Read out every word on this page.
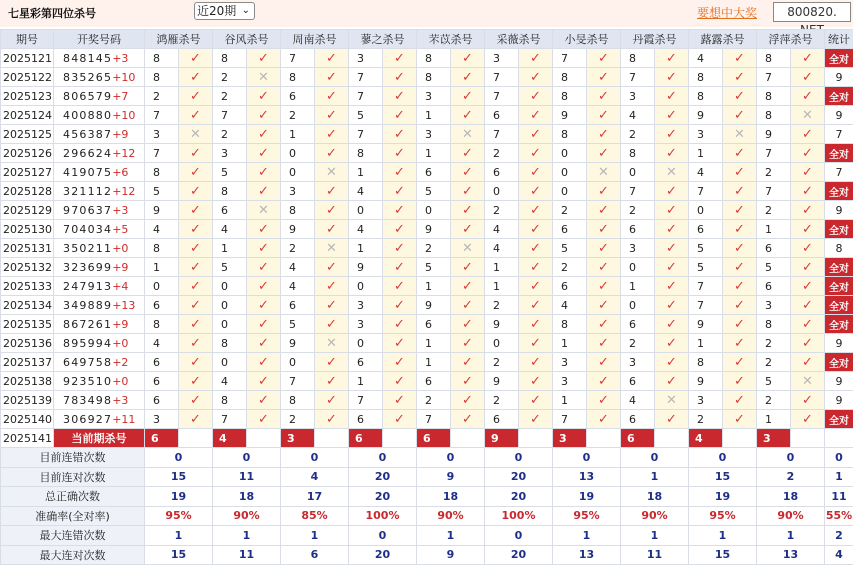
七星彩第四位杀号	近20期 ⌄	要想中大奖	800820.
期号	开奖号码	鸿雁杀号		谷风杀号		周南杀号		蓼之杀号		芣苡杀号		采薇杀号		小旻杀号		丹霞杀号		蕗露杀号		浮萍杀号		统计
2025121	848145+3	8	✓	8	✓	7	✓	3	✓	8	✓	3	✓	7	✓	8	✓	4	✓	8	✓	全对
2025122	835265+10	8	✓	2	✕	8	✓	7	✓	8	✓	7	✓	8	✓	7	✓	8	✓	7	✓	9
2025123	806579+7	2	✓	2	✓	6	✓	7	✓	3	✓	7	✓	8	✓	3	✓	8	✓	8	✓	全对
2025124	400880+10	7	✓	7	✓	2	✓	5	✓	1	✓	6	✓	9	✓	4	✓	9	✓	8	✕	9
2025125	456387+9	3	✕	2	✓	1	✓	7	✓	3	✕	7	✓	8	✓	2	✓	3	✕	9	✓	7
2025126	296624+12	7	✓	3	✓	0	✓	8	✓	1	✓	2	✓	0	✓	8	✓	1	✓	7	✓	全对
2025127	419075+6	8	✓	5	✓	0	✕	1	✓	6	✓	6	✓	0	✕	0	✕	4	✓	2	✓	7
2025128	321112+12	5	✓	8	✓	3	✓	4	✓	5	✓	0	✓	0	✓	7	✓	7	✓	7	✓	全对
2025129	970637+3	9	✓	6	✕	8	✓	0	✓	0	✓	2	✓	2	✓	2	✓	0	✓	2	✓	9
2025130	704034+5	4	✓	4	✓	9	✓	4	✓	9	✓	4	✓	6	✓	6	✓	6	✓	1	✓	全对
2025131	350211+0	8	✓	1	✓	2	✕	1	✓	2	✕	4	✓	5	✓	3	✓	5	✓	6	✓	8
2025132	323699+9	1	✓	5	✓	4	✓	9	✓	5	✓	1	✓	2	✓	0	✓	5	✓	5	✓	全对
2025133	247913+4	0	✓	0	✓	4	✓	0	✓	1	✓	1	✓	6	✓	1	✓	7	✓	6	✓	全对
2025134	349889+13	6	✓	0	✓	6	✓	3	✓	9	✓	2	✓	4	✓	0	✓	7	✓	3	✓	全对
2025135	867261+9	8	✓	0	✓	5	✓	3	✓	6	✓	9	✓	8	✓	6	✓	9	✓	8	✓	全对
2025136	895994+0	4	✓	8	✓	9	✕	0	✓	1	✓	0	✓	1	✓	2	✓	1	✓	2	✓	9
2025137	649758+2	6	✓	0	✓	0	✓	6	✓	1	✓	2	✓	3	✓	3	✓	8	✓	2	✓	全对
2025138	923510+0	6	✓	4	✓	7	✓	1	✓	6	✓	9	✓	3	✓	6	✓	9	✓	5	✕	9
2025139	783498+3	6	✓	8	✓	8	✓	7	✓	2	✓	2	✓	1	✓	4	✕	3	✓	2	✓	9
2025140	306927+11	3	✓	7	✓	2	✓	6	✓	7	✓	6	✓	7	✓	6	✓	2	✓	1	✓	全对
2025141	当前期杀号	6		4		3		6		6		9		3		6		4		3		
目前连错次数		0		0		0		0		0		0		0		0		0		0		0
目前连对次数		15		11		4		20		9		20		13		1		15		2		1
总正确次数		19		18		17		20		18		20		19		18		19		18		11
准确率(全对率)		95%		90%		85%		100%		90%		100%		95%		90%		95%		90%		55%
最大连错次数		1		1		1		0		1		0		1		1		1		1		2
最大连对次数		15		11		6		20		9		20		13		11		15		13		4
